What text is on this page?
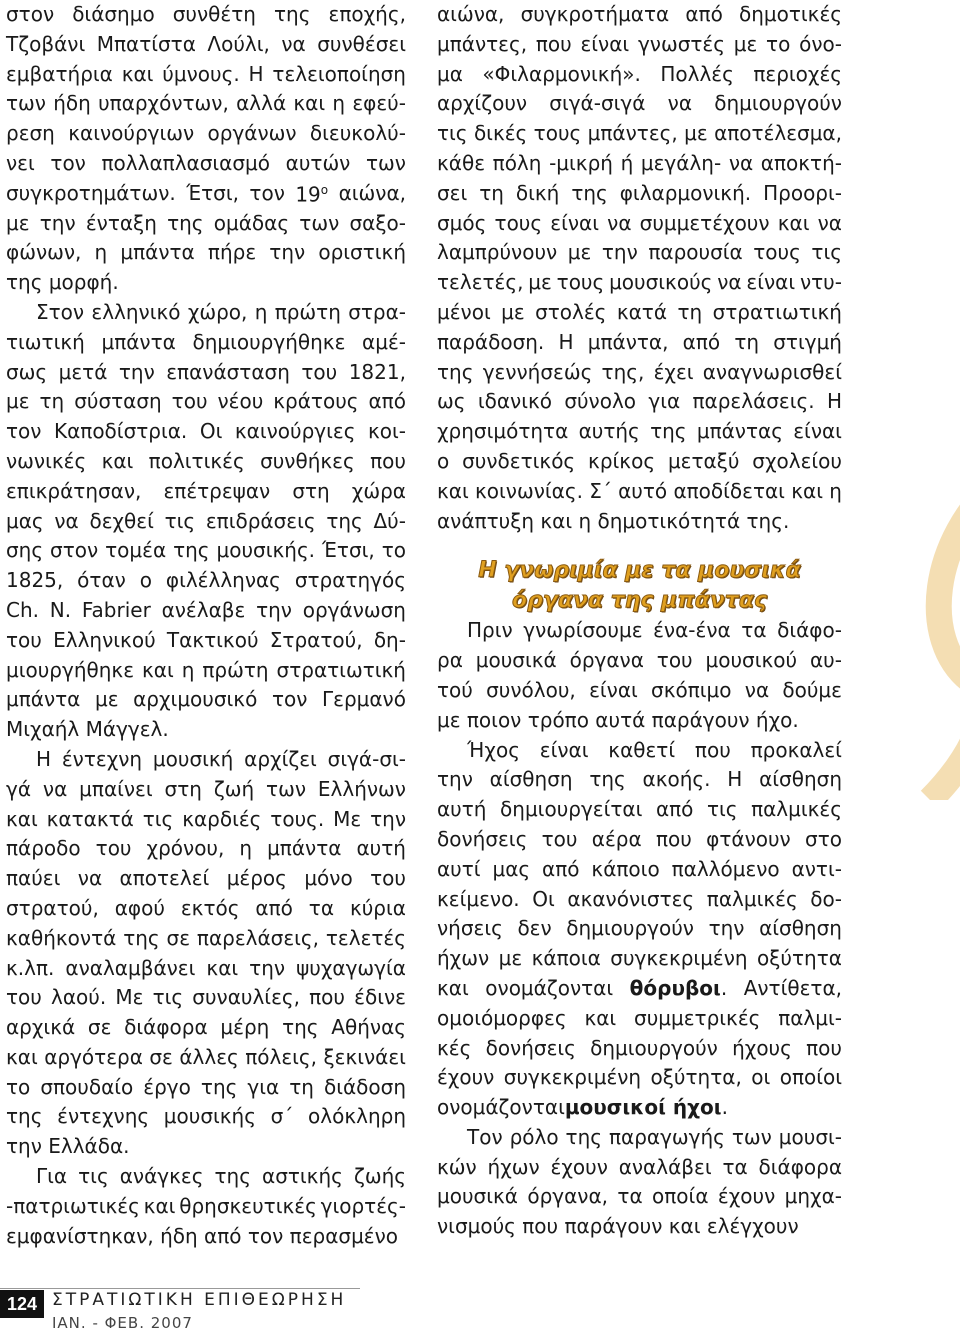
στον διάσημο συνθέτη της εποχής,
Τζοβάνι Μπατίστα Λούλι, να συνθέσει
εμβατήρια και ύμνους. Η τελειοποίηση
των ήδη υπαρχόντων, αλλά και η εφεύ-
ρεση καινούργιων οργάνων διευκολύ-
νει τον πολλαπλασιασμό αυτών των
συγκροτημάτων. Έτσι, τον $19^o$ αιώνα,
με την ένταξη της ομάδας των σαξο-
φώνων, η μπάντα πήρε την οριστική
της μορφή.
Στον ελληνικό χώρο, η πρώτη στρα-
τιωτική μπάντα δημιουργήθηκε αμέ-
σως μετά την επανάσταση του 1821,
με τη σύσταση του νέου κράτους από
τον Καποδίστρια. Οι καινούργιες κοι-
νωνικές και πολιτικές συνθήκες που
επικράτησαν, επέτρεψαν στη χώρα
μας να δεχθεί τις επιδράσεις της Δύ-
σης στον τομέα της μουσικής. Έτσι, το
1825, όταν ο φιλέλληνας στρατηγός
Ch. N. Fabrier ανέλαβε την οργάνωση
του Ελληνικού Τακτικού Στρατού, δη-
μιουργήθηκε και η πρώτη στρατιωτική
μπάντα με αρχιμουσικό τον Γερμανό
Μιχαήλ Μάγγελ.
Η έντεχνη μουσική αρχίζει σιγά-σι-
γά να μπαίνει στη ζωή των Ελλήνων
και κατακτά τις καρδιές τους. Με την
πάροδο του χρόνου, η μπάντα αυτή
παύει να αποτελεί μέρος μόνο του
στρατού, αφού εκτός από τα κύρια
καθήκοντά της σε παρελάσεις, τελετές
κ.λπ. αναλαμβάνει και την ψυχαγωγία
του λαού. Με τις συναυλίες, που έδινε
αρχικά σε διάφορα μέρη της Αθήνας
και αργότερα σε άλλες πόλεις, ξεκινάει
το σπουδαίο έργο της για τη διάδοση
της έντεχνης μουσικής σ΄ ολόκληρη
την Ελλάδα.
Για τις ανάγκες της αστικής ζωής
-πατριωτικές και θρησκευτικές γιορτές-
εμφανίστηκαν, ήδη από τον περασμένο
αιώνα, συγκροτήματα από δημοτικές
μπάντες, που είναι γνωστές με το όνο-
μα «Φιλαρμονική». Πολλές περιοχές
αρχίζουν σιγά-σιγά να δημιουργούν
τις δικές τους μπάντες, με αποτέλεσμα,
κάθε πόλη -μικρή ή μεγάλη- να αποκτή-
σει τη δική της φιλαρμονική. Προορι-
σμός τους είναι να συμμετέχουν και να
λαμπρύνουν με την παρουσία τους τις
τελετές, με τους μουσικούς να είναι ντυ-
μένοι με στολές κατά τη στρατιωτική
παράδοση. Η μπάντα, από τη στιγμή
της γεννήσεώς της, έχει αναγνωρισθεί
ως ιδανικό σύνολο για παρελάσεις. Η
χρησιμότητα αυτής της μπάντας είναι
ο συνδετικός κρίκος μεταξύ σχολείου
και κοινωνίας. Σ΄ αυτό αποδίδεται και η
ανάπτυξη και η δημοτικότητά της.
Η γνωριμία με τα μουσικά
όργανα της μπάντας
Πριν γνωρίσουμε ένα-ένα τα διάφο-
ρα μουσικά όργανα του μουσικού αυ-
τού συνόλου, είναι σκόπιμο να δούμε
με ποιον τρόπο αυτά παράγουν ήχο.
Ήχος είναι καθετί που προκαλεί
την αίσθηση της ακοής. Η αίσθηση
αυτή δημιουργείται από τις παλμικές
δονήσεις του αέρα που φτάνουν στο
αυτί μας από κάποιο παλλόμενο αντι-
κείμενο. Οι ακανόνιστες παλμικές δο-
νήσεις δεν δημιουργούν την αίσθηση
ήχων με κάποια συγκεκριμένη οξύτητα
και ονομάζονται θόρυβοι. Αντίθετα,
ομοιόμορφες και συμμετρικές παλμι-
κές δονήσεις δημιουργούν ήχους που
έχουν συγκεκριμένη οξύτητα, οι οποίοι
ονομάζονται μουσικοί ήχοι .
Τον ρόλο της παραγωγής των μουσι-
κών ήχων έχουν αναλάβει τα διάφορα
μουσικά όργανα, τα οποία έχουν μηχα-
νισμούς που παράγουν και ελέγχουν
124 ΣΤΡΑΤΙΩΤΙΚΗ ΕΠΙΘΕΩΡΗΣΗ
ΙΑΝ. - ΦΕΒ. 2007
